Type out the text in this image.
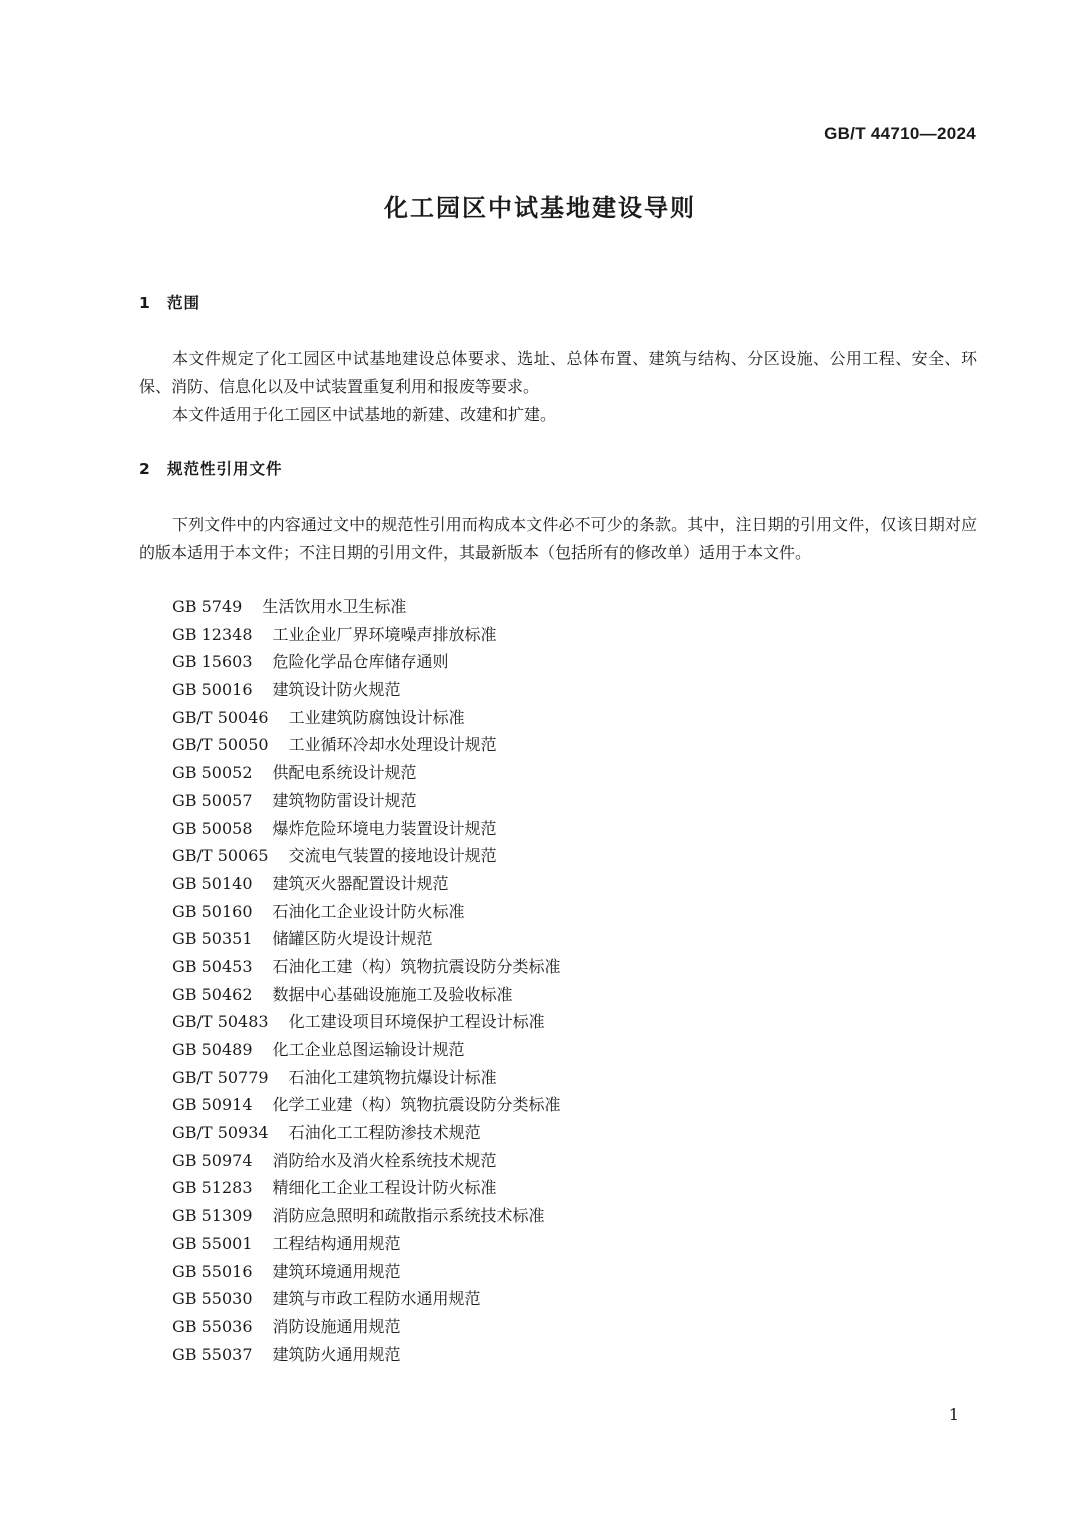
GB/T 44710—2024
化工园区中试基地建设导则
1 范围
本文件规定了化工园区中试基地建设总体要求、选址、总体布置、建筑与结构、分区设施、公用工程、安全、环保、消防、信息化以及中试装置重复利用和报废等要求。
本文件适用于化工园区中试基地的新建、改建和扩建。
2 规范性引用文件
下列文件中的内容通过文中的规范性引用而构成本文件必不可少的条款。其中，注日期的引用文件，仅该日期对应的版本适用于本文件；不注日期的引用文件，其最新版本（包括所有的修改单）适用于本文件。
GB 5749 生活饮用水卫生标准
GB 12348 工业企业厂界环境噪声排放标准
GB 15603 危险化学品仓库储存通则
GB 50016 建筑设计防火规范
GB/T 50046 工业建筑防腐蚀设计标准
GB/T 50050 工业循环冷却水处理设计规范
GB 50052 供配电系统设计规范
GB 50057 建筑物防雷设计规范
GB 50058 爆炸危险环境电力装置设计规范
GB/T 50065 交流电气装置的接地设计规范
GB 50140 建筑灭火器配置设计规范
GB 50160 石油化工企业设计防火标准
GB 50351 储罐区防火堤设计规范
GB 50453 石油化工建（构）筑物抗震设防分类标准
GB 50462 数据中心基础设施施工及验收标准
GB/T 50483 化工建设项目环境保护工程设计标准
GB 50489 化工企业总图运输设计规范
GB/T 50779 石油化工建筑物抗爆设计标准
GB 50914 化学工业建（构）筑物抗震设防分类标准
GB/T 50934 石油化工工程防渗技术规范
GB 50974 消防给水及消火栓系统技术规范
GB 51283 精细化工企业工程设计防火标准
GB 51309 消防应急照明和疏散指示系统技术标准
GB 55001 工程结构通用规范
GB 55016 建筑环境通用规范
GB 55030 建筑与市政工程防水通用规范
GB 55036 消防设施通用规范
GB 55037 建筑防火通用规范
1
